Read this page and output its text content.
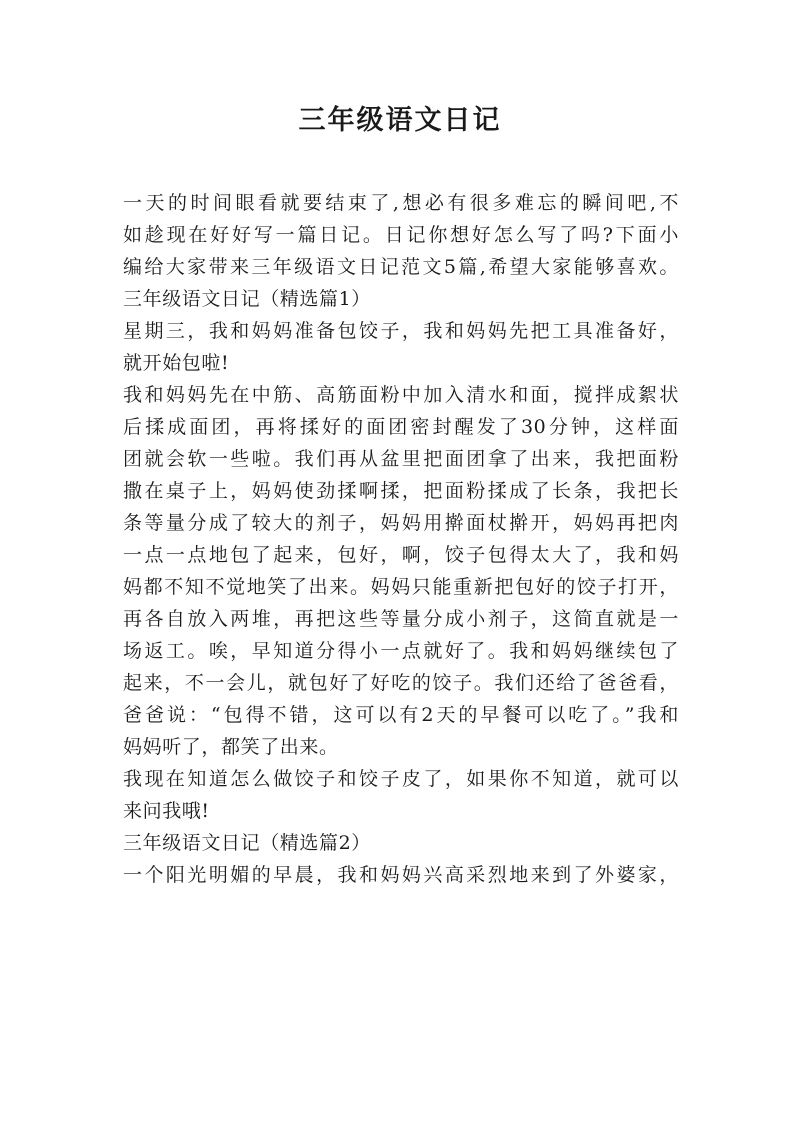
三年级语文日记
一天的时间眼看就要结束了,想必有很多难忘的瞬间吧,不
如趁现在好好写一篇日记。日记你想好怎么写了吗?下面小
编给大家带来三年级语文日记范文5篇,希望大家能够喜欢。
三年级语文日记（精选篇1）
星期三，我和妈妈准备包饺子，我和妈妈先把工具准备好，
就开始包啦!
我和妈妈先在中筋、高筋面粉中加入清水和面，搅拌成絮状
后揉成面团，再将揉好的面团密封醒发了30分钟，这样面
团就会软一些啦。我们再从盆里把面团拿了出来，我把面粉
撒在桌子上，妈妈使劲揉啊揉，把面粉揉成了长条，我把长
条等量分成了较大的剂子，妈妈用擀面杖擀开，妈妈再把肉
一点一点地包了起来，包好，啊，饺子包得太大了，我和妈
妈都不知不觉地笑了出来。妈妈只能重新把包好的饺子打开，
再各自放入两堆，再把这些等量分成小剂子，这简直就是一
场返工。唉，早知道分得小一点就好了。我和妈妈继续包了
起来，不一会儿，就包好了好吃的饺子。我们还给了爸爸看，
爸爸说：“包得不错，这可以有2天的早餐可以吃了。”我和
妈妈听了，都笑了出来。
我现在知道怎么做饺子和饺子皮了，如果你不知道，就可以
来问我哦!
三年级语文日记（精选篇2）
一个阳光明媚的早晨，我和妈妈兴高采烈地来到了外婆家，
